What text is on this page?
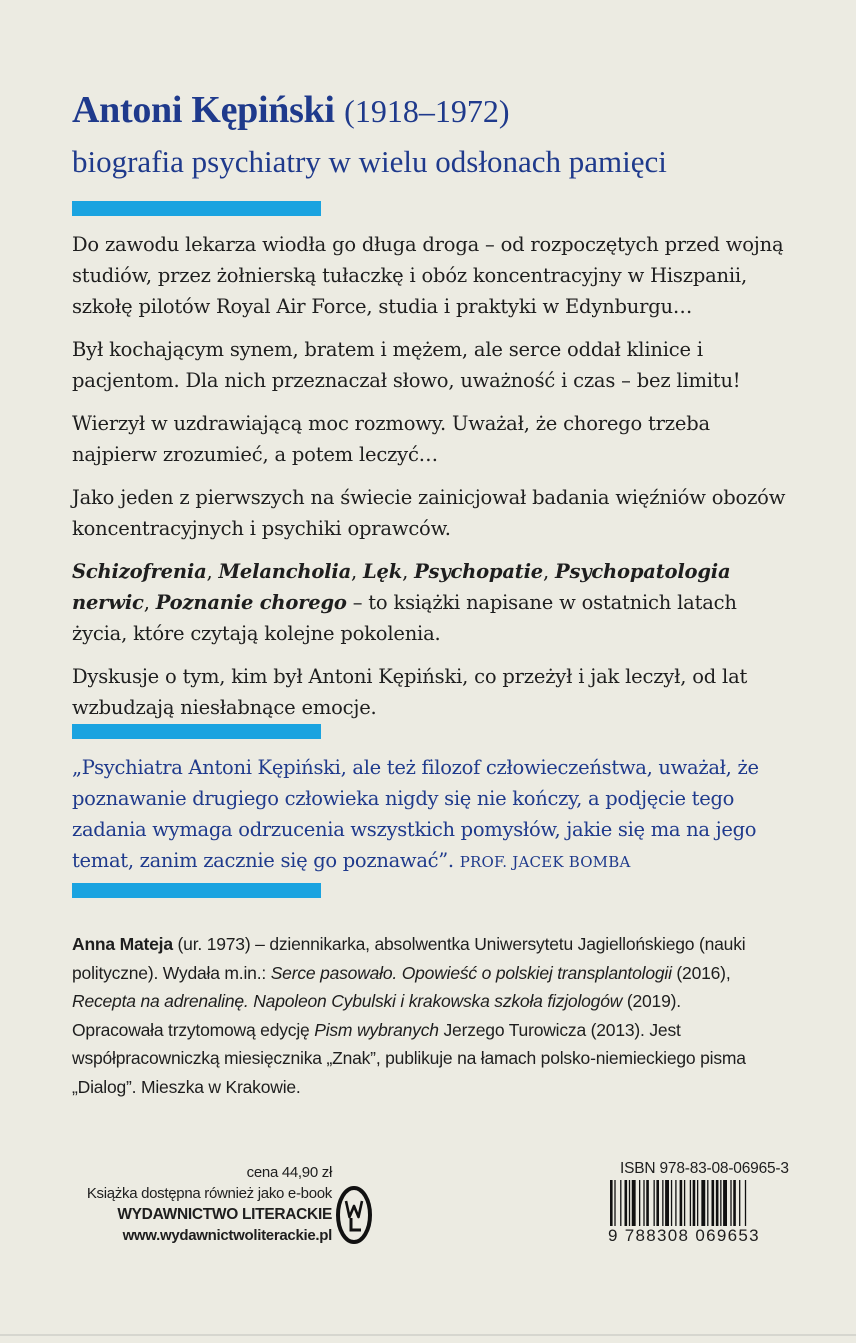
Antoni Kępiński (1918–1972)
biografia psychiatry w wielu odsłonach pamięci

Do zawodu lekarza wiodła go długa droga – od rozpoczętych przed wojną studiów, przez żołnierską tułaczkę i obóz koncentracyjny w Hiszpanii, szkołę pilotów Royal Air Force, studia i praktyki w Edynburgu…

Był kochającym synem, bratem i mężem, ale serce oddał klinice i pacjentom. Dla nich przeznaczał słowo, uważność i czas – bez limitu!

Wierzył w uzdrawiającą moc rozmowy. Uważał, że chorego trzeba najpierw zrozumieć, a potem leczyć…

Jako jeden z pierwszych na świecie zainicjował badania więźniów obozów koncentracyjnych i psychiki oprawców.

Schizofrenia, Melancholia, Lęk, Psychopatie, Psychopatologia nerwic, Poznanie chorego – to książki napisane w ostatnich latach życia, które czytają kolejne pokolenia.

Dyskusje o tym, kim był Antoni Kępiński, co przeżył i jak leczył, od lat wzbudzają niesłabnące emocje.

„Psychiatra Antoni Kępiński, ale też filozof człowieczeństwa, uważał, że poznawanie drugiego człowieka nigdy się nie kończy, a podjęcie tego zadania wymaga odrzucenia wszystkich pomysłów, jakie się ma na jego temat, zanim zacznie się go poznawać”. PROF. JACEK BOMBA
Anna Mateja (ur. 1973) – dziennikarka, absolwentka Uniwersytetu Jagiellońskiego (nauki polityczne). Wydała m.in.: Serce pasowało. Opowieść o polskiej transplantologii (2016), Recepta na adrenalinę. Napoleon Cybulski i krakowska szkoła fizjologów (2019). Opracowała trzytomową edycję Pism wybranych Jerzego Turowicza (2013). Jest współpracowniczką miesięcznika „Znak”, publikuje na łamach polsko-niemieckiego pisma „Dialog”. Mieszka w Krakowie.
cena 44,90 zł
Książka dostępna również jako e-book
WYDAWNICTWO LITERACKIE
www.wydawnictwoliterackie.pl
ISBN 978-83-08-06965-3
9 788308 069653
